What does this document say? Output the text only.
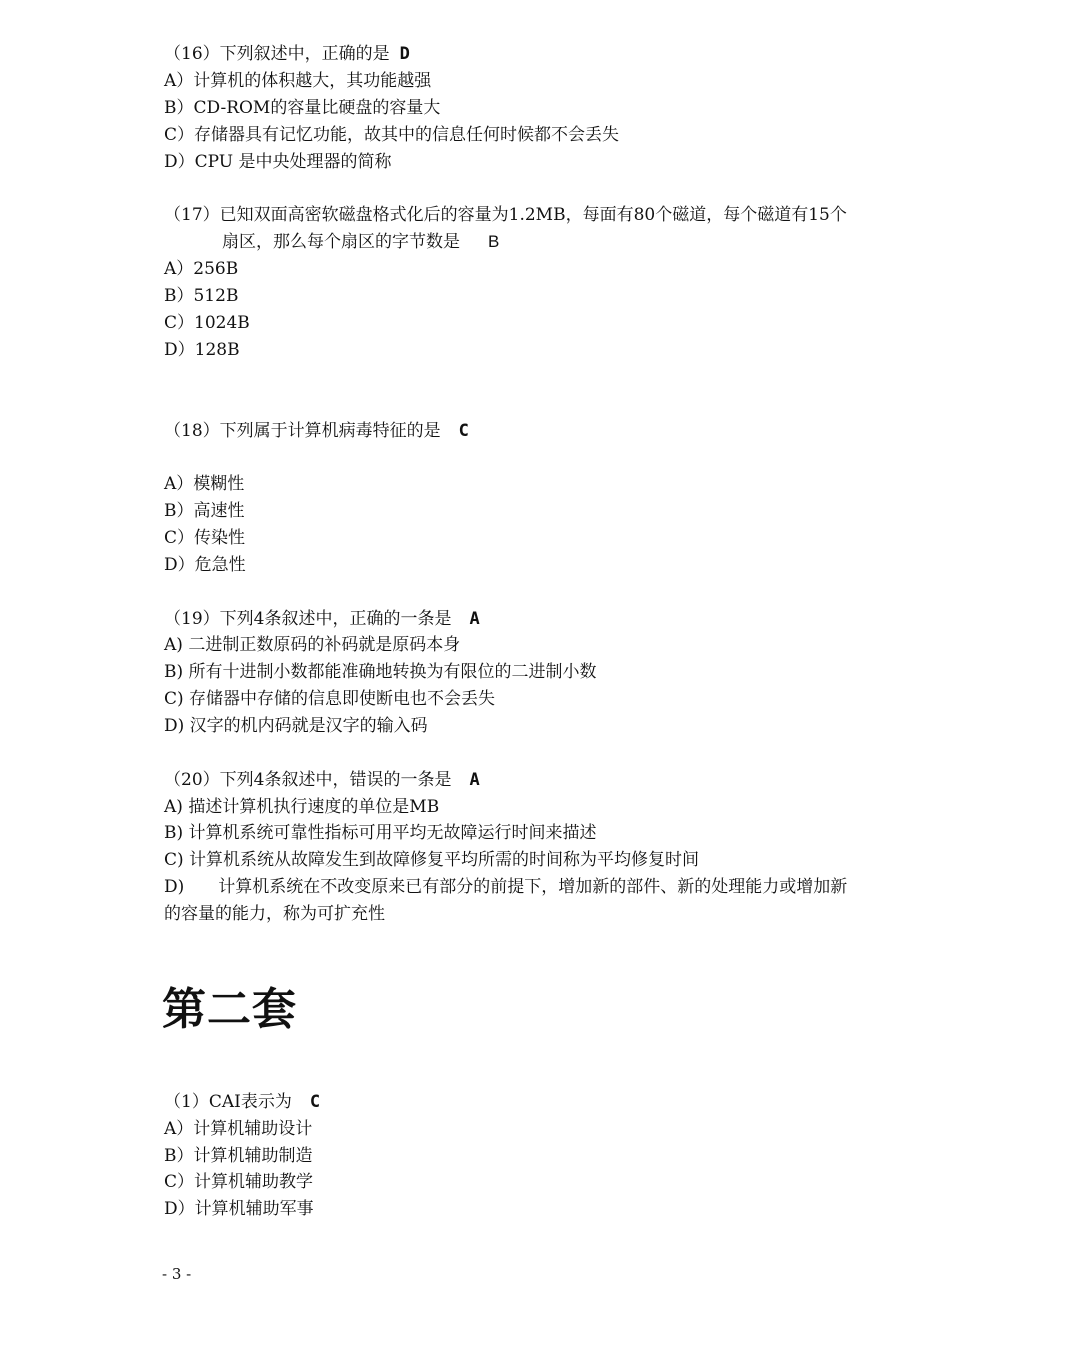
（16）下列叙述中，正确的是 D
A）计算机的体积越大，其功能越强
B）CD-ROM的容量比硬盘的容量大
C）存储器具有记忆功能，故其中的信息任何时候都不会丢失
D）CPU 是中央处理器的简称
（17）已知双面高密软磁盘格式化后的容量为1.2MB，每面有80个磁道，每个磁道有15个
扇区，那么每个扇区的字节数是 B
A）256B
B）512B
C）1024B
D）128B
（18）下列属于计算机病毒特征的是 C
A）模糊性
B）高速性
C）传染性
D）危急性
（19）下列4条叙述中，正确的一条是 A
A) 二进制正数原码的补码就是原码本身
B) 所有十进制小数都能准确地转换为有限位的二进制小数
C) 存储器中存储的信息即使断电也不会丢失
D) 汉字的机内码就是汉字的输入码
（20）下列4条叙述中，错误的一条是 A
A) 描述计算机执行速度的单位是MB
B) 计算机系统可靠性指标可用平均无故障运行时间来描述
C) 计算机系统从故障发生到故障修复平均所需的时间称为平均修复时间
D) 计算机系统在不改变原来已有部分的前提下，增加新的部件、新的处理能力或增加新
的容量的能力，称为可扩充性
第二套
（1）CAI表示为 C
A）计算机辅助设计
B）计算机辅助制造
C）计算机辅助教学
D）计算机辅助军事
- 3 -
